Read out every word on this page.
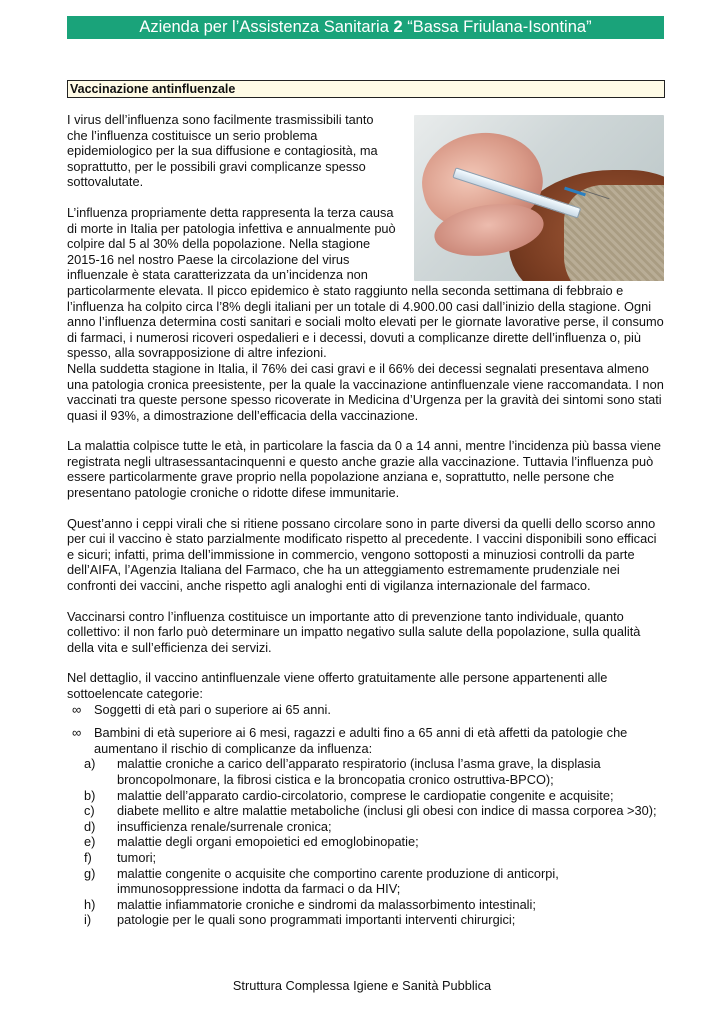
Azienda per l’Assistenza Sanitaria 2 “Bassa Friulana-Isontina”
Vaccinazione antinfluenzale

I virus dell’influenza sono facilmente trasmissibili tanto che l’influenza costituisce un serio problema epidemiologico per la sua diffusione e contagiosità, ma soprattutto, per le possibili gravi complicanze spesso sottovalutate.

L’influenza propriamente detta rappresenta la terza causa di morte in Italia per patologia infettiva e annualmente può colpire dal 5 al 30% della popolazione. Nella stagione 2015-16 nel nostro Paese la circolazione del virus influenzale è stata caratterizzata da un’incidenza non particolarmente elevata. Il picco epidemico è stato raggiunto nella seconda settimana di febbraio e l’influenza ha colpito circa l’8% degli italiani per un totale di 4.900.00 casi dall’inizio della stagione. Ogni anno l’influenza determina costi sanitari e sociali molto elevati per le giornate lavorative perse, il consumo di farmaci, i numerosi ricoveri ospedalieri e i decessi, dovuti a complicanze dirette dell’influenza o, più spesso, alla sovrapposizione di altre infezioni.

Nella suddetta stagione in Italia, il 76% dei casi gravi e il 66% dei decessi segnalati presentava almeno una patologia cronica preesistente, per la quale la vaccinazione antinfluenzale viene raccomandata. I non vaccinati tra queste persone spesso ricoverate in Medicina d’Urgenza per la gravità dei sintomi sono stati quasi il 93%, a dimostrazione dell’efficacia della vaccinazione.

La malattia colpisce tutte le età, in particolare la fascia da 0 a 14 anni, mentre l’incidenza più bassa viene registrata negli ultrasessantacinquenni e questo anche grazie alla vaccinazione. Tuttavia l’influenza può essere particolarmente grave proprio nella popolazione anziana e, soprattutto, nelle persone che presentano patologie croniche o ridotte difese immunitarie.

Quest’anno i ceppi virali che si ritiene possano circolare sono in parte diversi da quelli dello scorso anno per cui il vaccino è stato parzialmente modificato rispetto al precedente. I vaccini disponibili sono efficaci e sicuri; infatti, prima dell’immissione in commercio, vengono sottoposti a minuziosi controlli da parte dell’AIFA, l’Agenzia Italiana del Farmaco, che ha un atteggiamento estremamente prudenziale nei confronti dei vaccini, anche rispetto agli analoghi enti di vigilanza internazionale del farmaco.

Vaccinarsi contro l’influenza costituisce un importante atto di prevenzione tanto individuale, quanto collettivo: il non farlo può determinare un impatto negativo sulla salute della popolazione, sulla qualità della vita e sull’efficienza dei servizi.

Nel dettaglio, il vaccino antinfluenzale viene offerto gratuitamente alle persone appartenenti alle sottoelencate categorie:

∞ Soggetti di età pari o superiore ai 65 anni.
∞ Bambini di età superiore ai 6 mesi, ragazzi e adulti fino a 65 anni di età affetti da patologie che aumentano il rischio di complicanze da influenza:
a)	malattie croniche a carico dell’apparato respiratorio (inclusa l’asma grave, la displasia broncopolmonare, la fibrosi cistica e la broncopatia cronico ostruttiva-BPCO);
b)	malattie dell’apparato cardio-circolatorio, comprese le cardiopatie congenite e acquisite;
c)	diabete mellito e altre malattie metaboliche (inclusi gli obesi con indice di massa corporea >30);
d)	insufficienza renale/surrenale cronica;
e)	malattie degli organi emopoietici ed emoglobinopatie;
f)	tumori;
g)	malattie congenite o acquisite che comportino carente produzione di anticorpi, immunosoppressione indotta da farmaci o da HIV;
h)	malattie infiammatorie croniche e sindromi da malassorbimento intestinali;
i)	patologie per le quali sono programmati importanti interventi chirurgici;
Struttura Complessa Igiene e Sanità Pubblica
